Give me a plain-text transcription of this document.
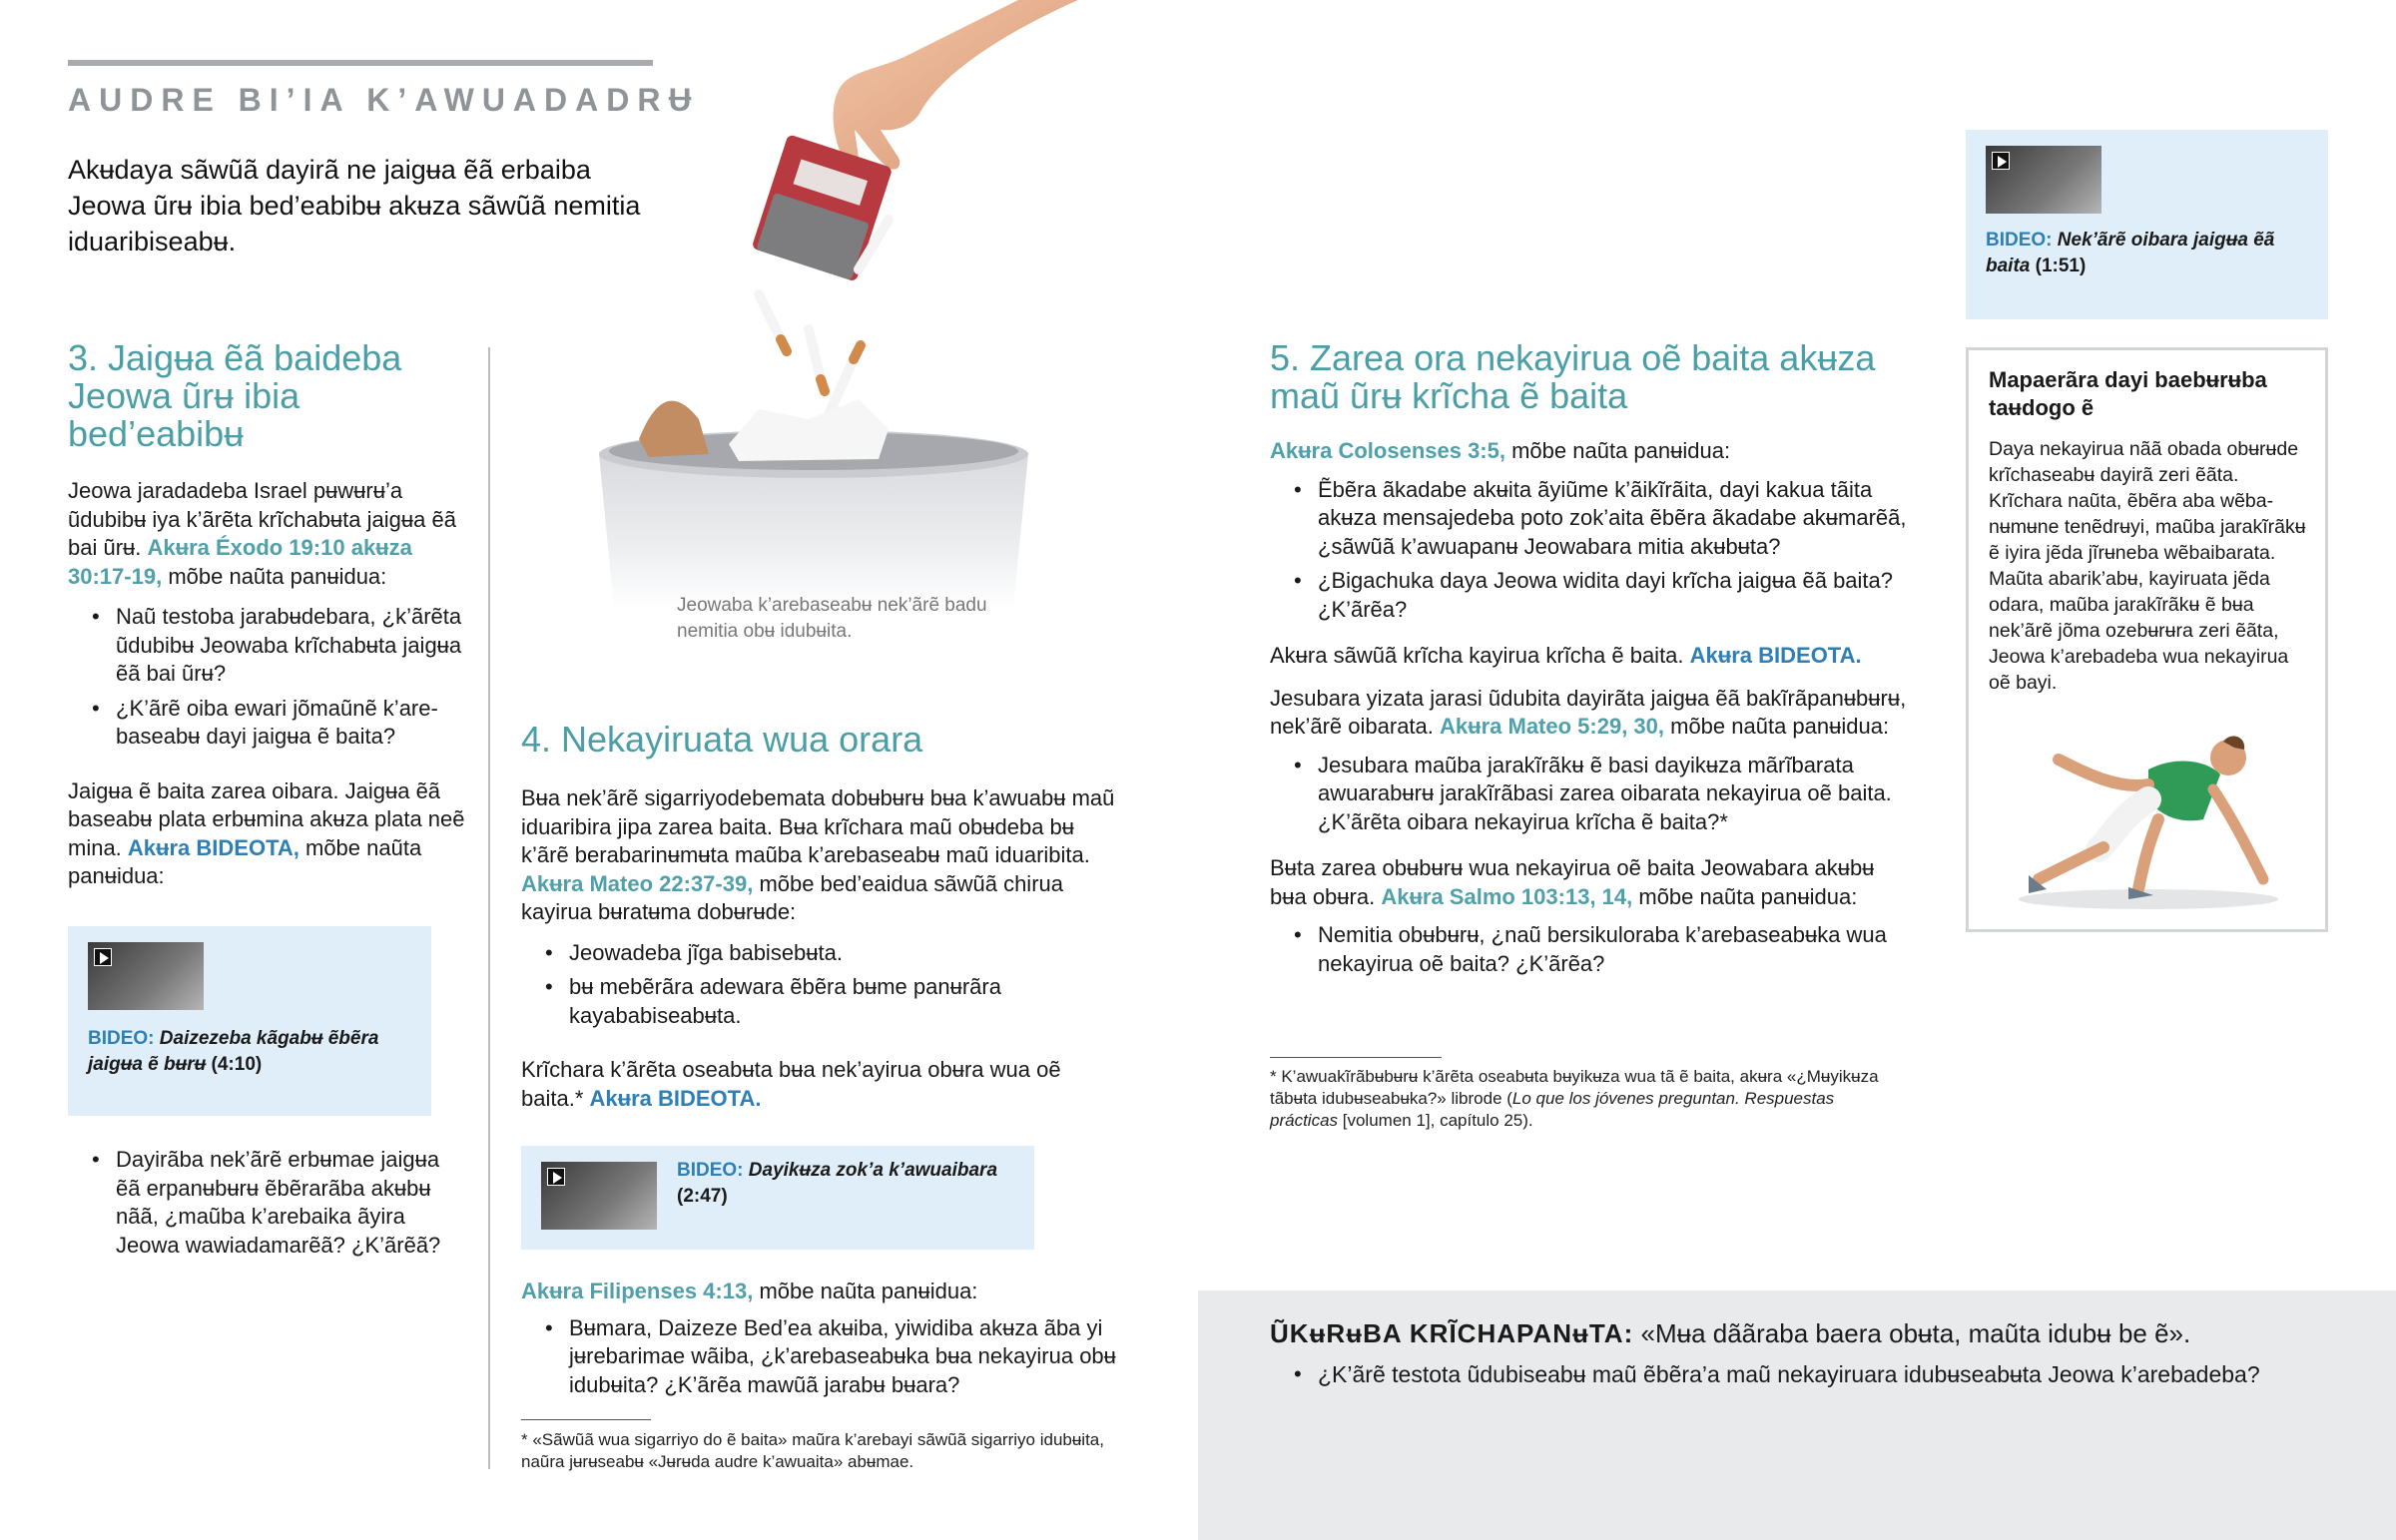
AUDRE BI’IA K’AWUADADRɄ
Akʉdaya sãwũã dayirã ne jaigʉa ẽã erbaiba Jeowa ũrʉ ibia bed’eabibʉ akʉza sãwũã nemitia iduaribiseabʉ.
3. Jaigʉa ẽã baideba Jeowa ũrʉ ibia bed’eabibʉ
Jeowa jaradadeba Israel pʉwʉrʉ’a ũdubibʉ iya k’ãrẽta krĩchabʉta jaigʉa ẽã bai ũrʉ. Akʉra Éxodo 19:10 akʉza 30:17-19, mõbe naũta panʉidua:
• Naũ testoba jarabʉdebara, ¿k’ãrẽta ũdubibʉ Jeowaba krĩchabʉta jaigʉa ẽã bai ũrʉ?
• ¿K’ãrẽ oiba ewari jõmaũnẽ k’arebaseabʉ dayi jaigʉa ẽ baita?
Jaigʉa ẽ baita zarea oibara. Jaigʉa ẽã baseabʉ plata erbʉmina akʉza plata neẽ mina. Akʉra BIDEOTA, mõbe naũta panʉidua:
BIDEO: Daizezeba kãgabʉ ẽbẽra jaigʉa ẽ bʉrʉ (4:10)
• Dayirãba nek’ãrẽ erbʉmae jaigʉa ẽã erpanʉbʉrʉ ẽbẽrarãba akʉbʉ nãã, ¿maũba k’arebaika ãyira Jeowa wawiadamarẽã? ¿K’ãrẽã?
Jeowaba k’arebaseabʉ nek’ãrẽ badu nemitia obʉ idubʉita.
4. Nekayiruata wua orara
Bʉa nek’ãrẽ sigarriyodebemata dobʉbʉrʉ bʉa k’awuabʉ maũ iduaribira jipa zarea baita. Bʉa krĩchara maũ obʉdeba bʉ k’ãrẽ berabarinʉmʉta maũba k’arebaseabʉ maũ iduaribita. Akʉra Mateo 22:37-39, mõbe bed’eaidua sãwũã chirua kayirua bʉratʉma dobʉrʉde:
• Jeowadeba jĩga babisebʉta.
• bʉ mebẽrãra adewara ẽbẽra bʉme panʉrãra kayababiseabʉta.
Krĩchara k’ãrẽta oseabʉta bʉa nek’ayirua obʉra wua oẽ baita.* Akʉra BIDEOTA.
BIDEO: Dayikʉza zok’a k’awuaibara (2:47)
Akʉra Filipenses 4:13, mõbe naũta panʉidua:
• Bʉmara, Daizeze Bed’ea akʉiba, yiwidiba akʉza ãba yi jʉrebarimae wãiba, ¿k’arebaseabʉka bʉa nekayirua obʉ idubʉita? ¿K’ãrẽa mawũã jarabʉ bʉara?
* «Sãwũã wua sigarriyo do ẽ baita» maũra k’arebayi sãwũã sigarriyo idubʉita, naũra jʉrʉseabʉ «Jʉrʉda audre k’awuaita» abʉmae.
5. Zarea ora nekayirua oẽ baita akʉza maũ ũrʉ krĩcha ẽ baita
Akʉra Colosenses 3:5, mõbe naũta panʉidua:
• Ẽbẽra ãkadabe akʉita ãyiũme k’ãikĩrãita, dayi kakua tãita akʉza mensajedeba poto zok’aita ẽbẽra ãkadabe akʉmarẽã, ¿sãwũã k’awuapanʉ Jeowabara mitia akʉbʉta?
• ¿Bigachuka daya Jeowa widita dayi krĩcha jaigʉa ẽã baita? ¿K’ãrẽa?
Akʉra sãwũã krĩcha kayirua krĩcha ẽ baita. Akʉra BIDEOTA.
Jesubara yizata jarasi ũdubita dayirãta jaigʉa ẽã bakĩrãpanʉbʉrʉ, nek’ãrẽ oibarata. Akʉra Mateo 5:29, 30, mõbe naũta panʉidua:
• Jesubara maũba jarakĩrãkʉ ẽ basi dayikʉza mãrĩbarata awuarabʉrʉ jarakĩrãbasi zarea oibarata nekayirua oẽ baita. ¿K’ãrẽta oibara nekayirua krĩcha ẽ baita?*
Bʉta zarea obʉbʉrʉ wua nekayirua oẽ baita Jeowabara akʉbʉ bʉa obʉra. Akʉra Salmo 103:13, 14, mõbe naũta panʉidua:
• Nemitia obʉbʉrʉ, ¿naũ bersikuloraba k’arebaseabʉka wua nekayirua oẽ baita? ¿K’ãrẽa?
* K’awuakĩrãbʉbʉrʉ k’ãrẽta oseabʉta bʉyikʉza wua tã ẽ baita, akʉra «¿Mʉyikʉza tãbʉta idubʉseabʉka?» librode (Lo que los jóvenes preguntan. Respuestas prácticas [volumen 1], capítulo 25).
BIDEO: Nek’ãrẽ oibara jaigʉa ẽã baita (1:51)
Mapaerãra dayi baebʉrʉba taʉdogo ẽ
Daya nekayirua nãã obada obʉrʉde krĩchaseabʉ dayirã zeri ẽãta. Krĩchara naũta, ẽbẽra aba wẽbanʉmʉne tenẽdrʉyi, maũba jarakĩrãkʉ ẽ iyira jẽda jĩrʉneba wẽbaibarata. Maũta abarik’abʉ, kayiruata jẽda odara, maũba jarakĩrãkʉ ẽ bʉa nek’ãrẽ jõma ozebʉrʉra zeri ẽãta, Jeowa k’arebadeba wua nekayirua oẽ bayi.
ŨKʉRʉBA KRĨCHAPANʉTA: «Mʉa dããraba baera obʉta, maũta idubʉ be ẽ».
• ¿K’ãrẽ testota ũdubiseabʉ maũ ẽbẽra’a maũ nekayiruara idubʉseabʉta Jeowa k’arebadeba?
